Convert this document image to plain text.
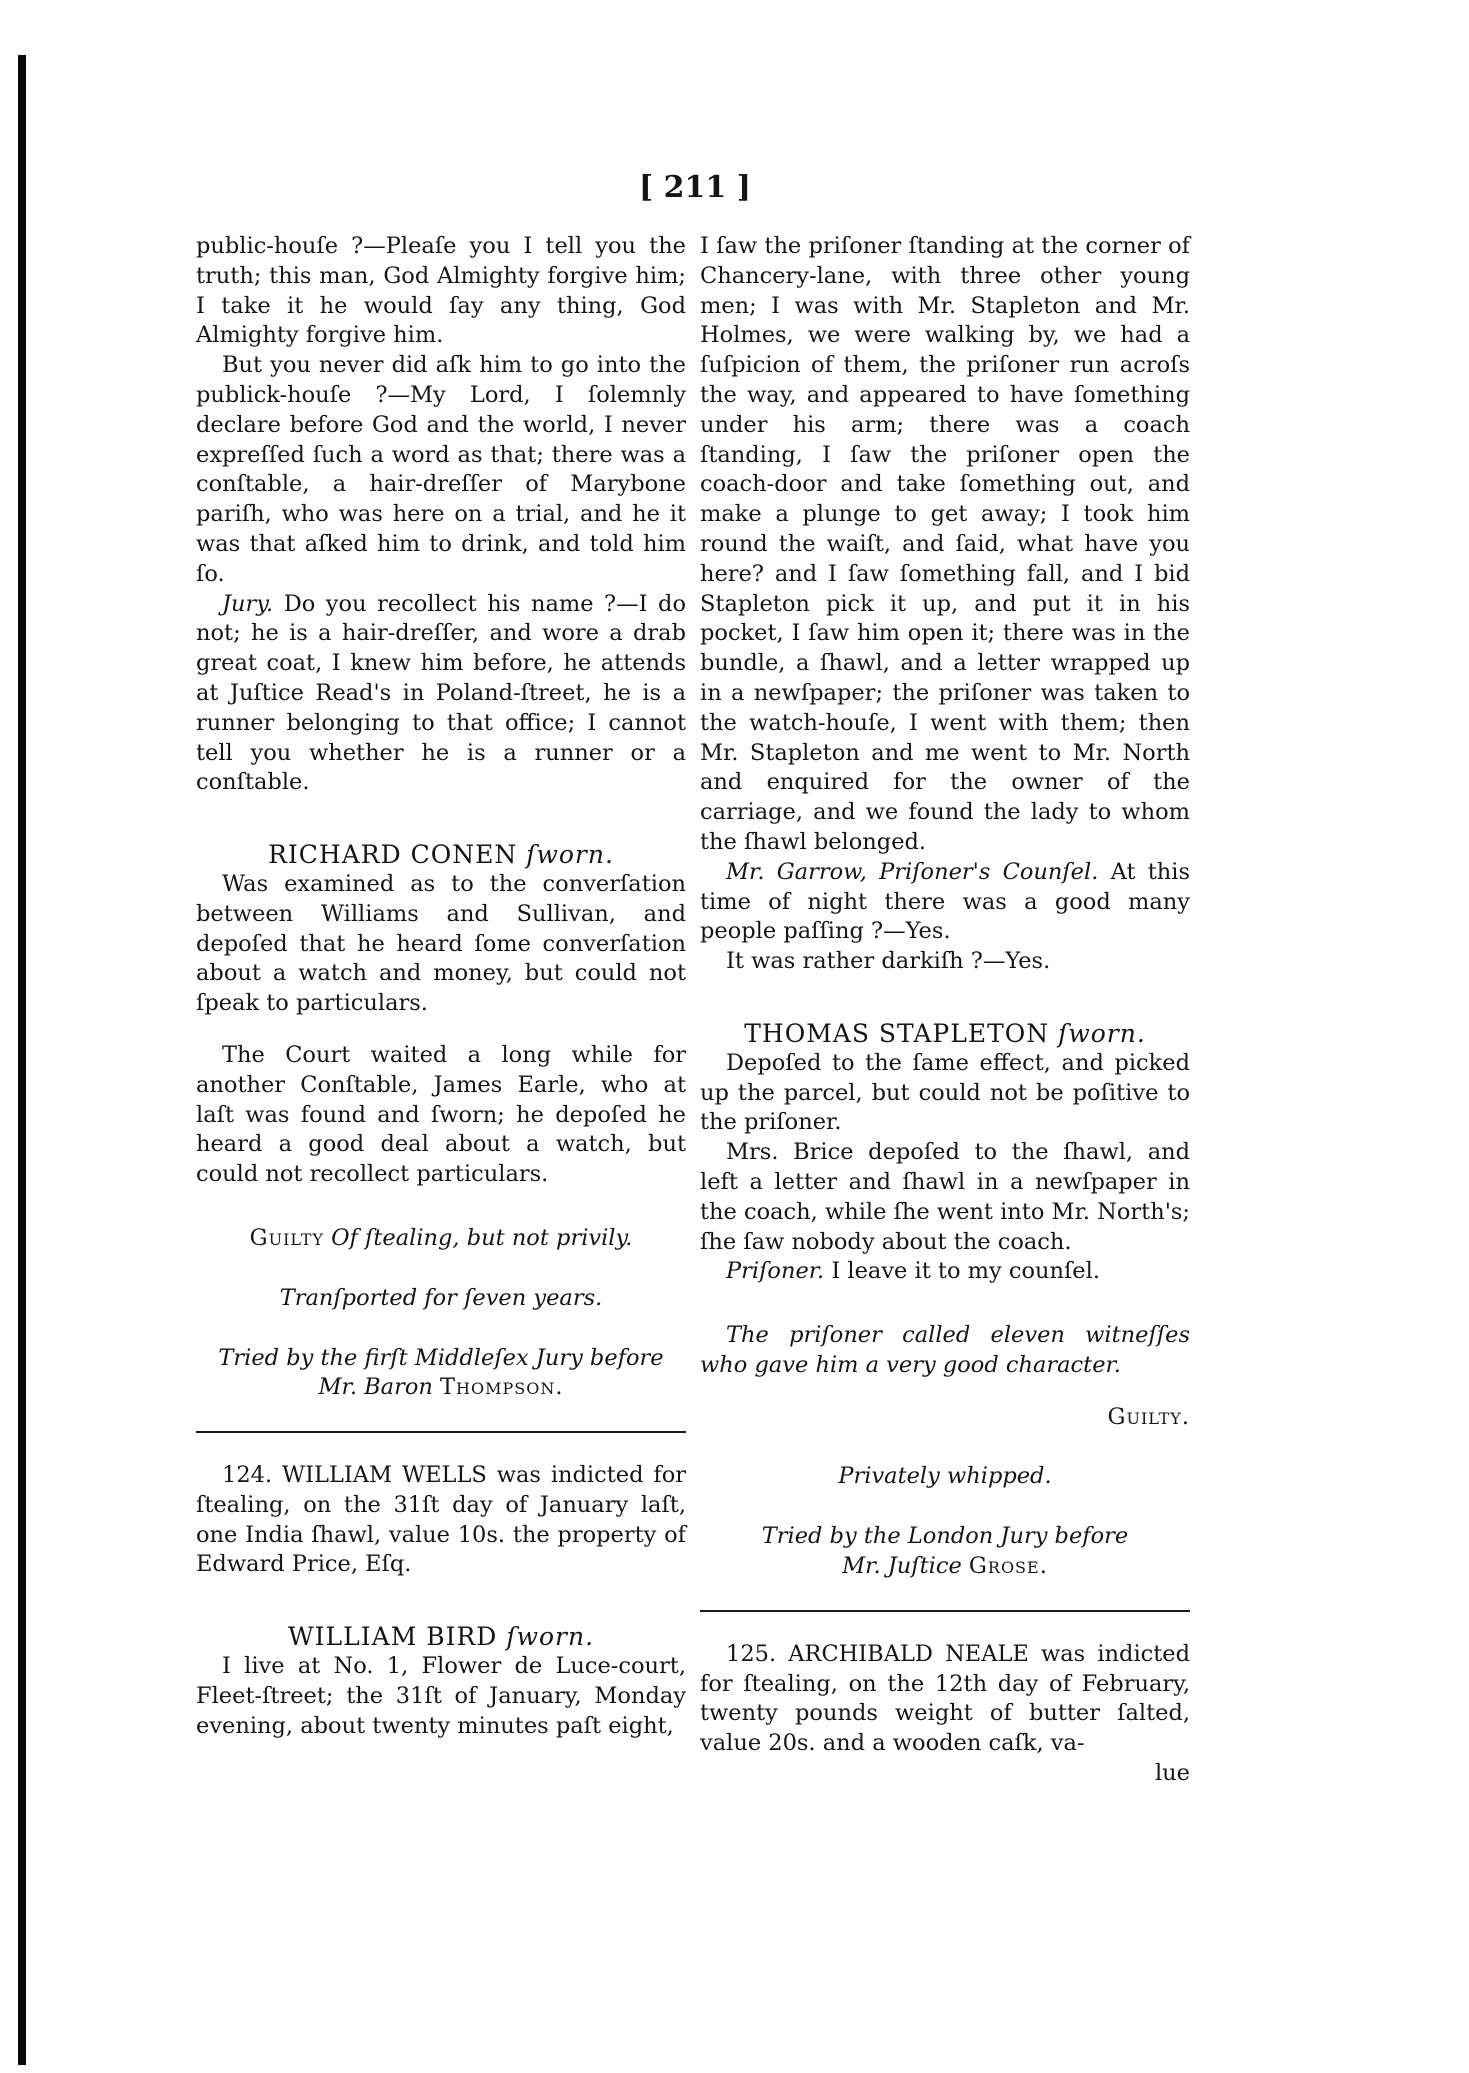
[ 211 ]

public-houſe ?—Pleaſe you I tell you the truth; this man, God Almighty forgive him; I take it he would ſay any thing, God Almighty forgive him.

But you never did aſk him to go into the publick-houſe ?—My Lord, I ſolemnly declare before God and the world, I never expreſſed ſuch a word as that; there was a conſtable, a hair-dreſſer of Marybone pariſh, who was here on a trial, and he it was that aſked him to drink, and told him ſo.

Jury. Do you recollect his name ?—I do not; he is a hair-dreſſer, and wore a drab great coat, I knew him before, he attends at Juſtice Read's in Poland-ſtreet, he is a runner belonging to that office; I cannot tell you whether he is a runner or a conſtable.

RICHARD CONEN ſworn.

Was examined as to the converſation between Williams and Sullivan, and depoſed that he heard ſome converſation about a watch and money, but could not ſpeak to particulars.

The Court waited a long while for another Conſtable, James Earle, who at laſt was found and ſworn; he depoſed he heard a good deal about a watch, but could not recollect particulars.

Guilty Of ſtealing, but not privily.

Tranſported for ſeven years.

Tried by the firſt Middleſex Jury before

Mr. Baron Thompson.

124. WILLIAM WELLS was indicted for ſtealing, on the 31ſt day of January laſt, one India ſhawl, value 10s. the property of Edward Price, Eſq.

WILLIAM BIRD ſworn.

I live at No. 1, Flower de Luce-court, Fleet-ſtreet; the 31ſt of January, Monday evening, about twenty minutes paſt eight,

I ſaw the priſoner ſtanding at the corner of Chancery-lane, with three other young men; I was with Mr. Stapleton and Mr. Holmes, we were walking by, we had a ſuſpicion of them, the priſoner run acroſs the way, and appeared to have ſomething under his arm; there was a coach ſtanding, I ſaw the priſoner open the coach-door and take ſomething out, and make a plunge to get away; I took him round the waiſt, and ſaid, what have you here? and I ſaw ſomething fall, and I bid Stapleton pick it up, and put it in his pocket, I ſaw him open it; there was in the bundle, a ſhawl, and a letter wrapped up in a newſpaper; the priſoner was taken to the watch-houſe, I went with them; then Mr. Stapleton and me went to Mr. North and enquired for the owner of the carriage, and we found the lady to whom the ſhawl belonged.

Mr. Garrow, Priſoner's Counſel. At this time of night there was a good many people paſſing ?—Yes.

It was rather darkiſh ?—Yes.

THOMAS STAPLETON ſworn.

Depoſed to the ſame effect, and picked up the parcel, but could not be poſitive to the priſoner.

Mrs. Brice depoſed to the ſhawl, and left a letter and ſhawl in a newſpaper in the coach, while ſhe went into Mr. North's; ſhe ſaw nobody about the coach.

Priſoner. I leave it to my counſel.

The priſoner called eleven witneſſes who gave him a very good character.

Guilty.

Privately whipped.

Tried by the London Jury before

Mr. Juſtice Grose.

125. ARCHIBALD NEALE was indicted for ſtealing, on the 12th day of February, twenty pounds weight of butter ſalted, value 20s. and a wooden caſk, va-

lue
